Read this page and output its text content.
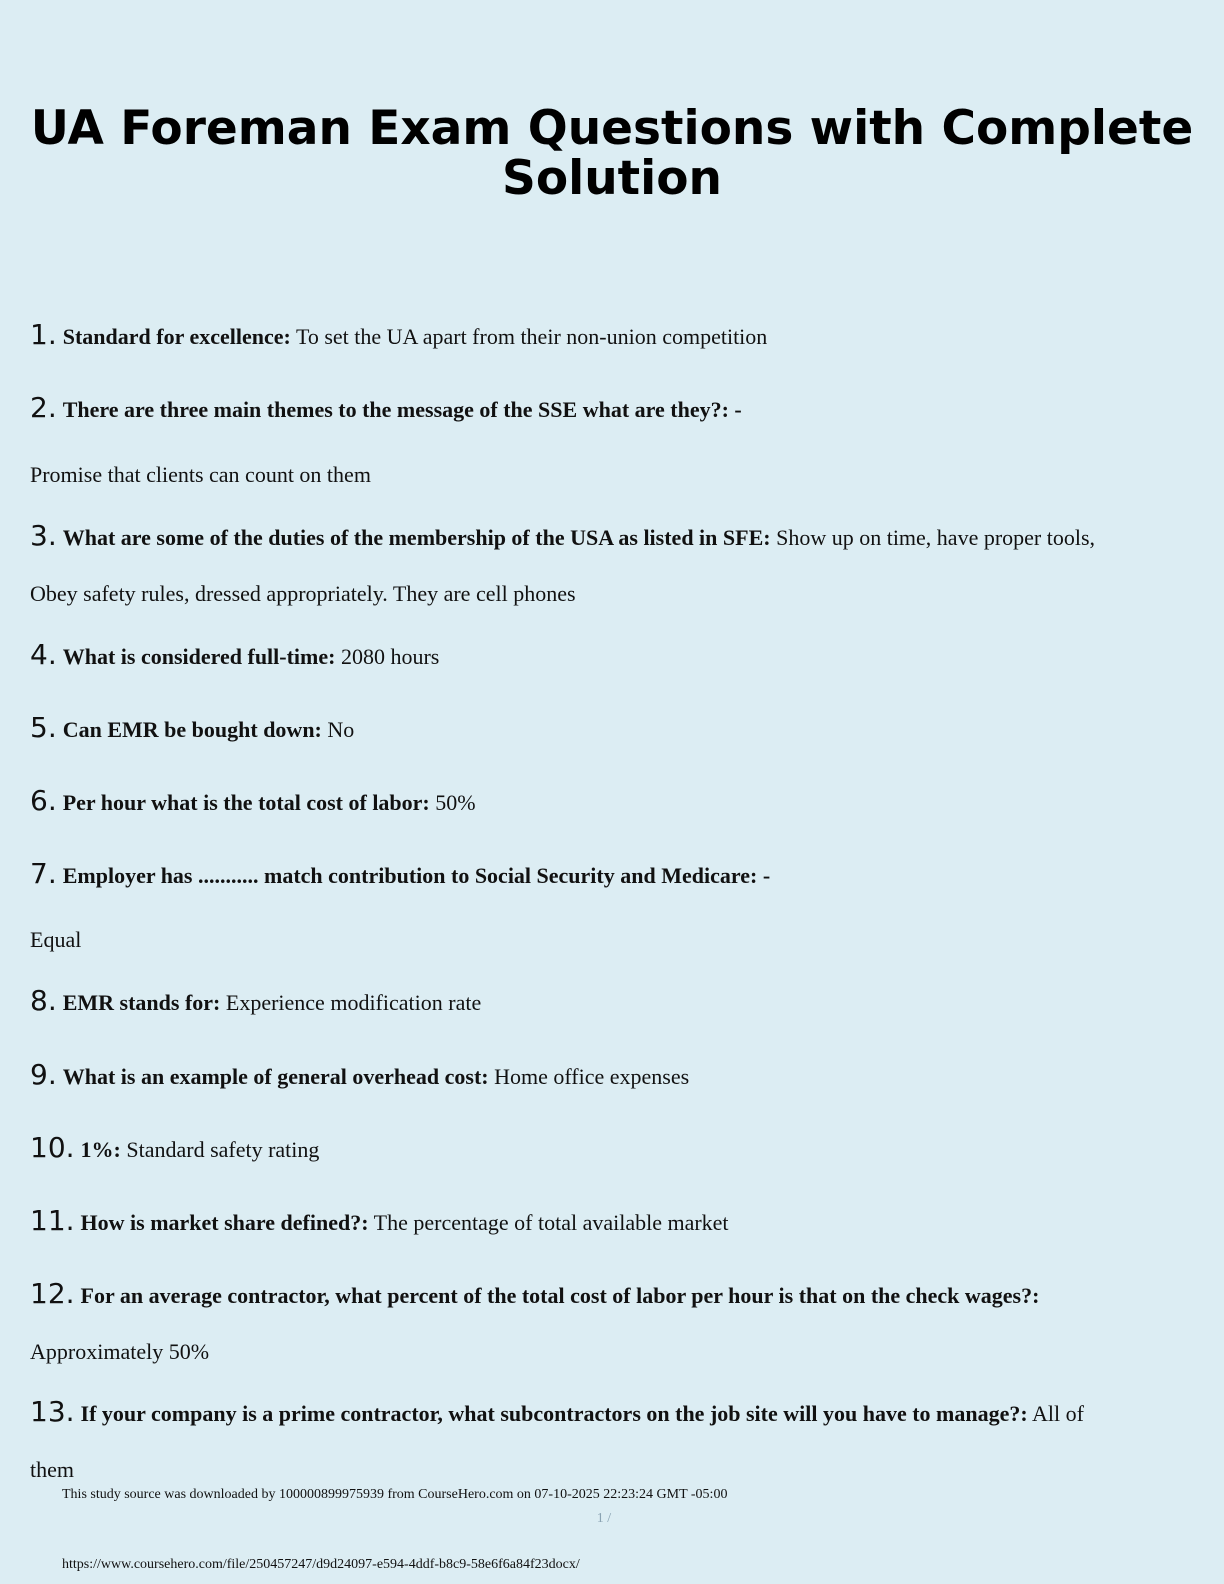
UA Foreman Exam Questions with Complete Solution
1. Standard for excellence: To set the UA apart from their non-union competition
2. There are three main themes to the message of the SSE what are they?: -
Promise that clients can count on them
3. What are some of the duties of the membership of the USA as listed in SFE: Show up on time, have proper tools,
Obey safety rules, dressed appropriately. They are cell phones
4. What is considered full-time: 2080 hours
5. Can EMR be bought down: No
6. Per hour what is the total cost of labor: 50%
7. Employer has ........... match contribution to Social Security and Medicare: -
Equal
8. EMR stands for: Experience modification rate
9. What is an example of general overhead cost: Home office expenses
10. 1%: Standard safety rating
11. How is market share defined?: The percentage of total available market
12. For an average contractor, what percent of the total cost of labor per hour is that on the check wages?:
Approximately 50%
13. If your company is a prime contractor, what subcontractors on the job site will you have to manage?: All of
them
This study source was downloaded by 100000899975939 from CourseHero.com on 07-10-2025 22:23:24 GMT -05:00
1 /
https://www.coursehero.com/file/250457247/d9d24097-e594-4ddf-b8c9-58e6f6a84f23docx/
